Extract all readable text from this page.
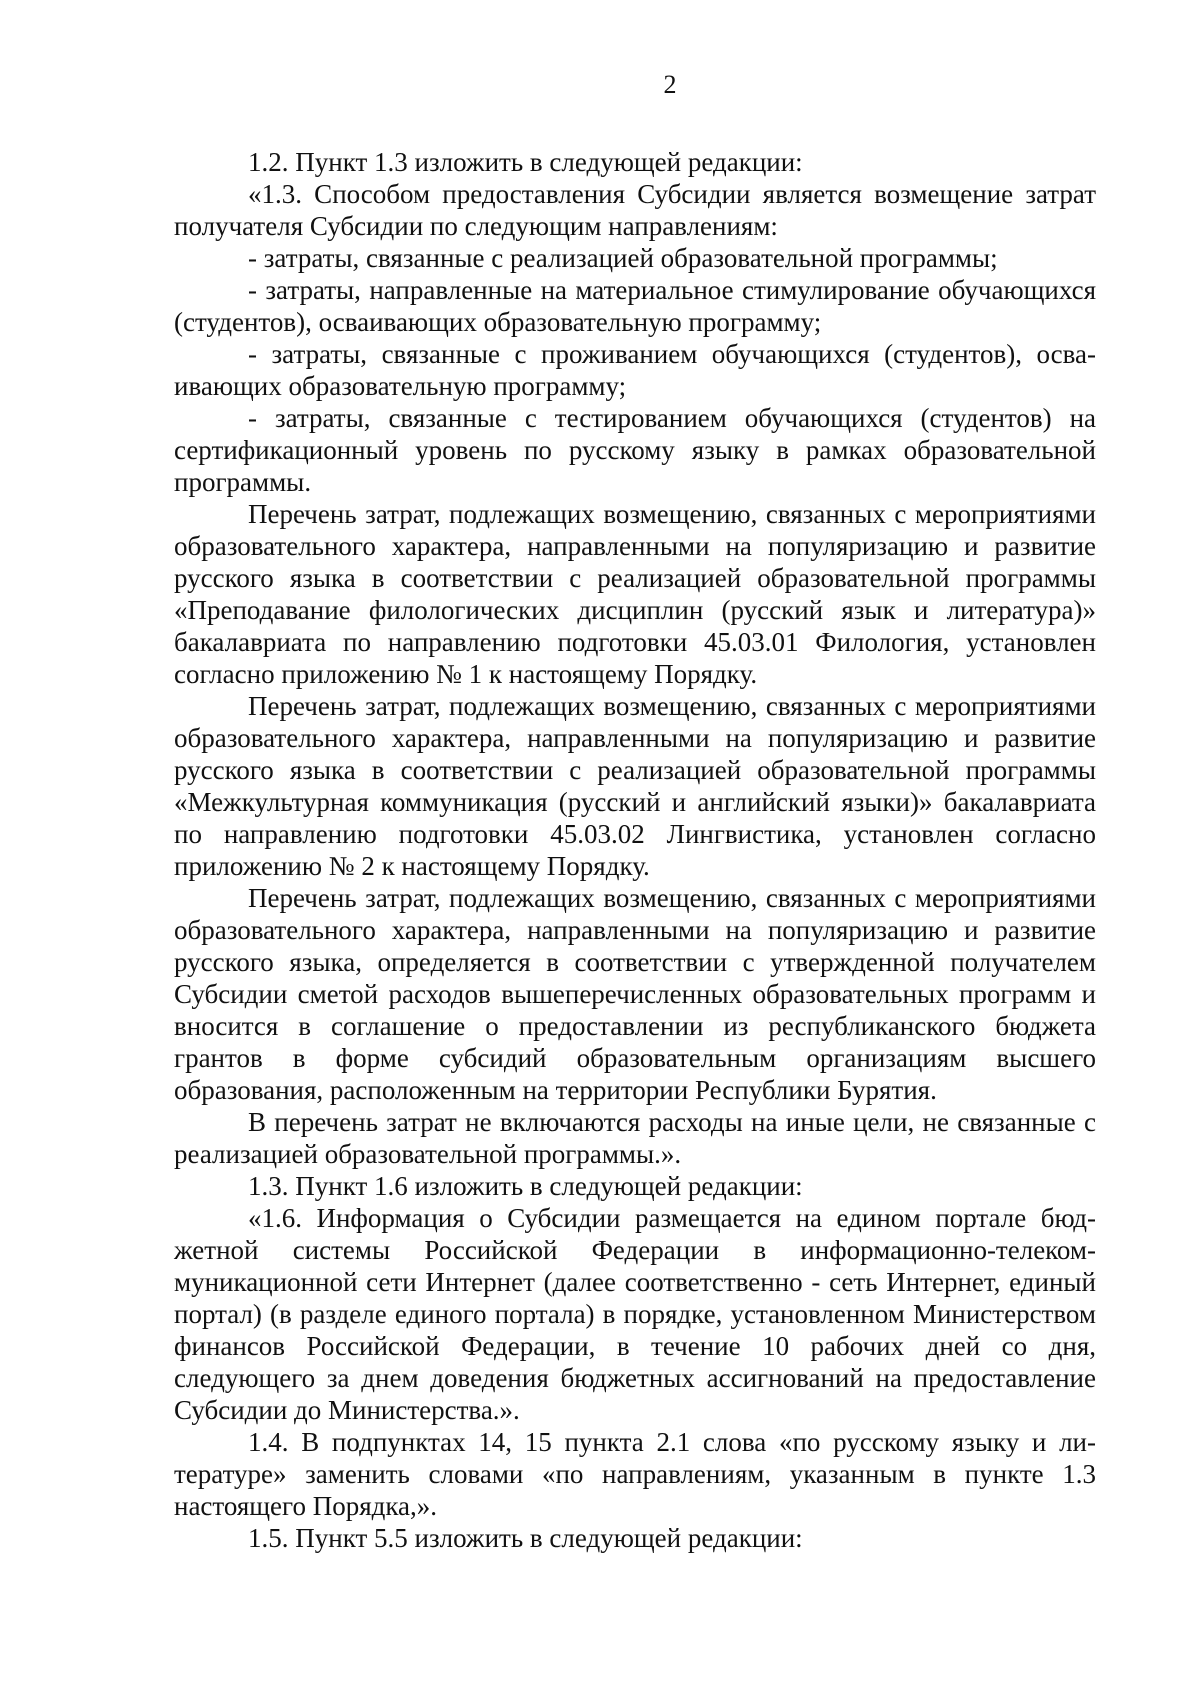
2

1.2. Пункт 1.3 изложить в следующей редакции:

«1.3. Способом предоставления Субсидии является возмещение затрат получателя Субсидии по следующим направлениям:

- затраты, связанные с реализацией образовательной программы;

- затраты, направленные на материальное стимулирование обучающихся (студентов), осваивающих образовательную программу;

- затраты, связанные с проживанием обучающихся (студентов), осваивающих образовательную программу;

- затраты, связанные с тестированием обучающихся (студентов) на сертификационный уровень по русскому языку в рамках образовательной программы.

Перечень затрат, подлежащих возмещению, связанных с мероприятиями образовательного характера, направленными на популяризацию и развитие русского языка в соответствии с реализацией образовательной программы «Преподавание филологических дисциплин (русский язык и литература)» бакалавриата по направлению подготовки 45.03.01 Филология, установлен согласно приложению № 1 к настоящему Порядку.

Перечень затрат, подлежащих возмещению, связанных с мероприятиями образовательного характера, направленными на популяризацию и развитие русского языка в соответствии с реализацией образовательной программы «Межкультурная коммуникация (русский и английский языки)» бакалавриата по направлению подготовки 45.03.02 Лингвистика, установлен согласно приложению № 2 к настоящему Порядку.

Перечень затрат, подлежащих возмещению, связанных с мероприятиями образовательного характера, направленными на популяризацию и развитие русского языка, определяется в соответствии с утвержденной получателем Субсидии сметой расходов вышеперечисленных образовательных программ и вносится в соглашение о предоставлении из республиканского бюджета грантов в форме субсидий образовательным организациям высшего образования, расположенным на территории Республики Бурятия.

В перечень затрат не включаются расходы на иные цели, не связанные с реализацией образовательной программы.».

1.3. Пункт 1.6 изложить в следующей редакции:

«1.6. Информация о Субсидии размещается на едином портале бюджетной системы Российской Федерации в информационно-телекоммуникационной сети Интернет (далее соответственно - сеть Интернет, единый портал) (в разделе единого портала) в порядке, установленном Министерством финансов Российской Федерации, в течение 10 рабочих дней со дня, следующего за днем доведения бюджетных ассигнований на предоставление Субсидии до Министерства.».

1.4. В подпунктах 14, 15 пункта 2.1 слова «по русскому языку и литературе» заменить словами «по направлениям, указанным в пункте 1.3 настоящего Порядка,».

1.5. Пункт 5.5 изложить в следующей редакции:
